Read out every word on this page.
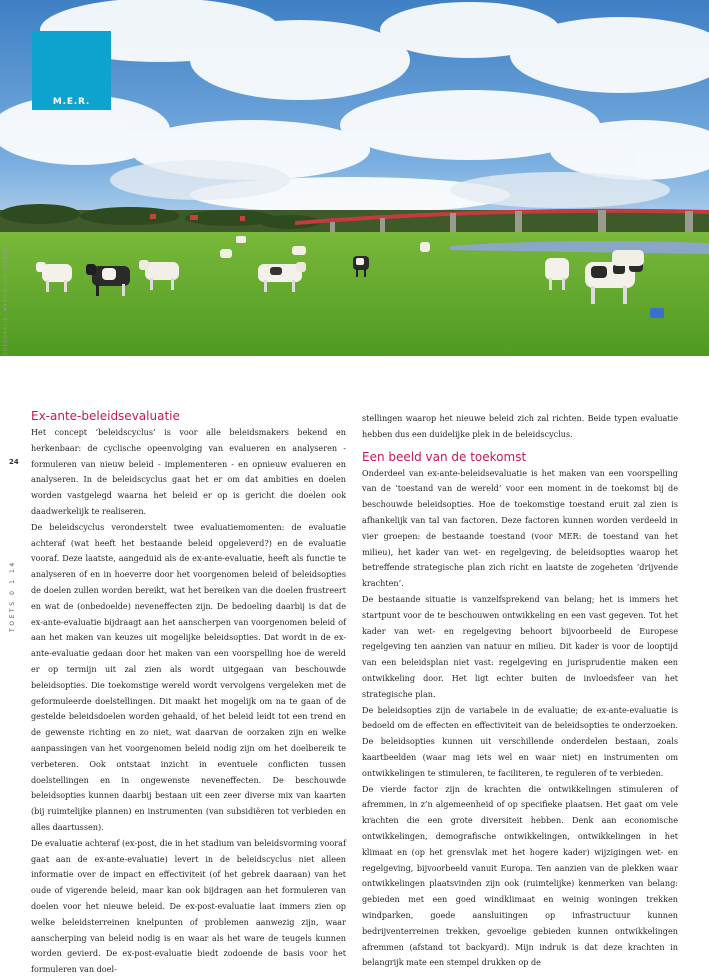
M.E.R.
FOTOGRAFIE: MARTIN VAN LOKVEN
24
TOETS 0 1 14
Ex-ante-beleidsevaluatie

Het concept ‘beleidscyclus’ is voor alle beleidsmakers bekend en herkenbaar: de cyclische opeenvolging van evalueren en analyseren - formuleren van nieuw beleid - implementeren - en opnieuw evalueren en analyseren. In de beleidscyclus gaat het er om dat ambities en doelen worden vastgelegd waarna het beleid er op is gericht die doelen ook daadwerkelijk te realiseren.

De beleidscyclus veronderstelt twee evaluatiemomenten: de evaluatie achteraf (wat heeft het bestaande beleid opgeleverd?) en de evaluatie vooraf. Deze laatste, aangeduid als de ex-ante-evaluatie, heeft als functie te analyseren of en in hoeverre door het voorgenomen beleid of beleidsopties de doelen zullen worden bereikt, wat het bereiken van die doelen frustreert en wat de (onbedoelde) neveneffecten zijn. De bedoeling daarbij is dat de ex-ante-evaluatie bijdraagt aan het aanscherpen van voorgenomen beleid of aan het maken van keuzes uit mogelijke beleidsopties. Dat wordt in de ex-ante-evaluatie gedaan door het maken van een voorspelling hoe de wereld er op termijn uit zal zien als wordt uitgegaan van beschouwde beleidsopties. Die toekomstige wereld wordt vervolgens vergeleken met de geformuleerde doelstellingen. Dit maakt het mogelijk om na te gaan of de gestelde beleidsdoelen worden gehaald, of het beleid leidt tot een trend en de gewenste richting en zo niet, wat daarvan de oorzaken zijn en welke aanpassingen van het voorgenomen beleid nodig zijn om het doelbereik te verbeteren. Ook ontstaat inzicht in eventuele conflicten tussen doelstellingen en in ongewenste neveneffecten. De beschouwde beleidsopties kunnen daarbij bestaan uit een zeer diverse mix van kaarten (bij ruimtelijke plannen) en instrumenten (van subsidiëren tot verbieden en alles daartussen).

De evaluatie achteraf (ex-post, die in het stadium van beleidsvorming vooraf gaat aan de ex-ante-evaluatie) levert in de beleidscyclus niet alleen informatie over de impact en effectiviteit (of het gebrek daaraan) van het oude of vigerende beleid, maar kan ook bijdragen aan het formuleren van doelen voor het nieuwe beleid. De ex-post-evaluatie laat immers zien op welke beleidsterreinen knelpunten of problemen aanwezig zijn, waar aanscherping van beleid nodig is en waar als het ware de teugels kunnen worden gevierd. De ex-post-evaluatie biedt zodoende de basis voor het formuleren van doel-

stellingen waarop het nieuwe beleid zich zal richten. Beide typen evaluatie hebben dus een duidelijke plek in de beleidscyclus.

Een beeld van de toekomst

Onderdeel van ex-ante-beleidsevaluatie is het maken van een voorspelling van de ‘toestand van de wereld’ voor een moment in de toekomst bij de beschouwde beleidsopties. Hoe de toekomstige toestand eruit zal zien is afhankelijk van tal van factoren. Deze factoren kunnen worden verdeeld in vier groepen: de bestaande toestand (voor MER: de toestand van het milieu), het kader van wet- en regelgeving, de beleidsopties waarop het betreffende strategische plan zich richt en laatste de zogeheten ‘drijvende krachten’.

De bestaande situatie is vanzelfsprekend van belang; het is immers het startpunt voor de te beschouwen ontwikkeling en een vast gegeven. Tot het kader van wet- en regelgeving behoort bijvoorbeeld de Europese regelgeving ten aanzien van natuur en milieu. Dit kader is voor de looptijd van een beleidsplan niet vast: regelgeving en jurisprudentie maken een ontwikkeling door. Het ligt echter buiten de invloedsfeer van het strategische plan.

De beleidsopties zijn de variabele in de evaluatie; de ex-ante-evaluatie is bedoeld om de effecten en effectiviteit van de beleidsopties te onderzoeken. De beleidsopties kunnen uit verschillende onderdelen bestaan, zoals kaartbeelden (waar mag iets wel en waar niet) en instrumenten om ontwikkelingen te stimuleren, te faciliteren, te reguleren of te verbieden.

De vierde factor zijn de krachten die ontwikkelingen stimuleren of afremmen, in z’n algemeenheid of op specifieke plaatsen. Het gaat om vele krachten die een grote diversiteit hebben. Denk aan economische ontwikkelingen, demografische ontwikkelingen, ontwikkelingen in het klimaat en (op het grensvlak met het hogere kader) wijzigingen wet- en regelgeving, bijvoorbeeld vanuit Europa. Ten aanzien van de plekken waar ontwikkelingen plaatsvinden zijn ook (ruimtelijke) kenmerken van belang: gebieden met een goed windklimaat en weinig woningen trekken windparken, goede aansluitingen op infrastructuur kunnen bedrijventerreinen trekken, gevoelige gebieden kunnen ontwikkelingen afremmen (afstand tot backyard). Mijn indruk is dat deze krachten in belangrijk mate een stempel drukken op de
